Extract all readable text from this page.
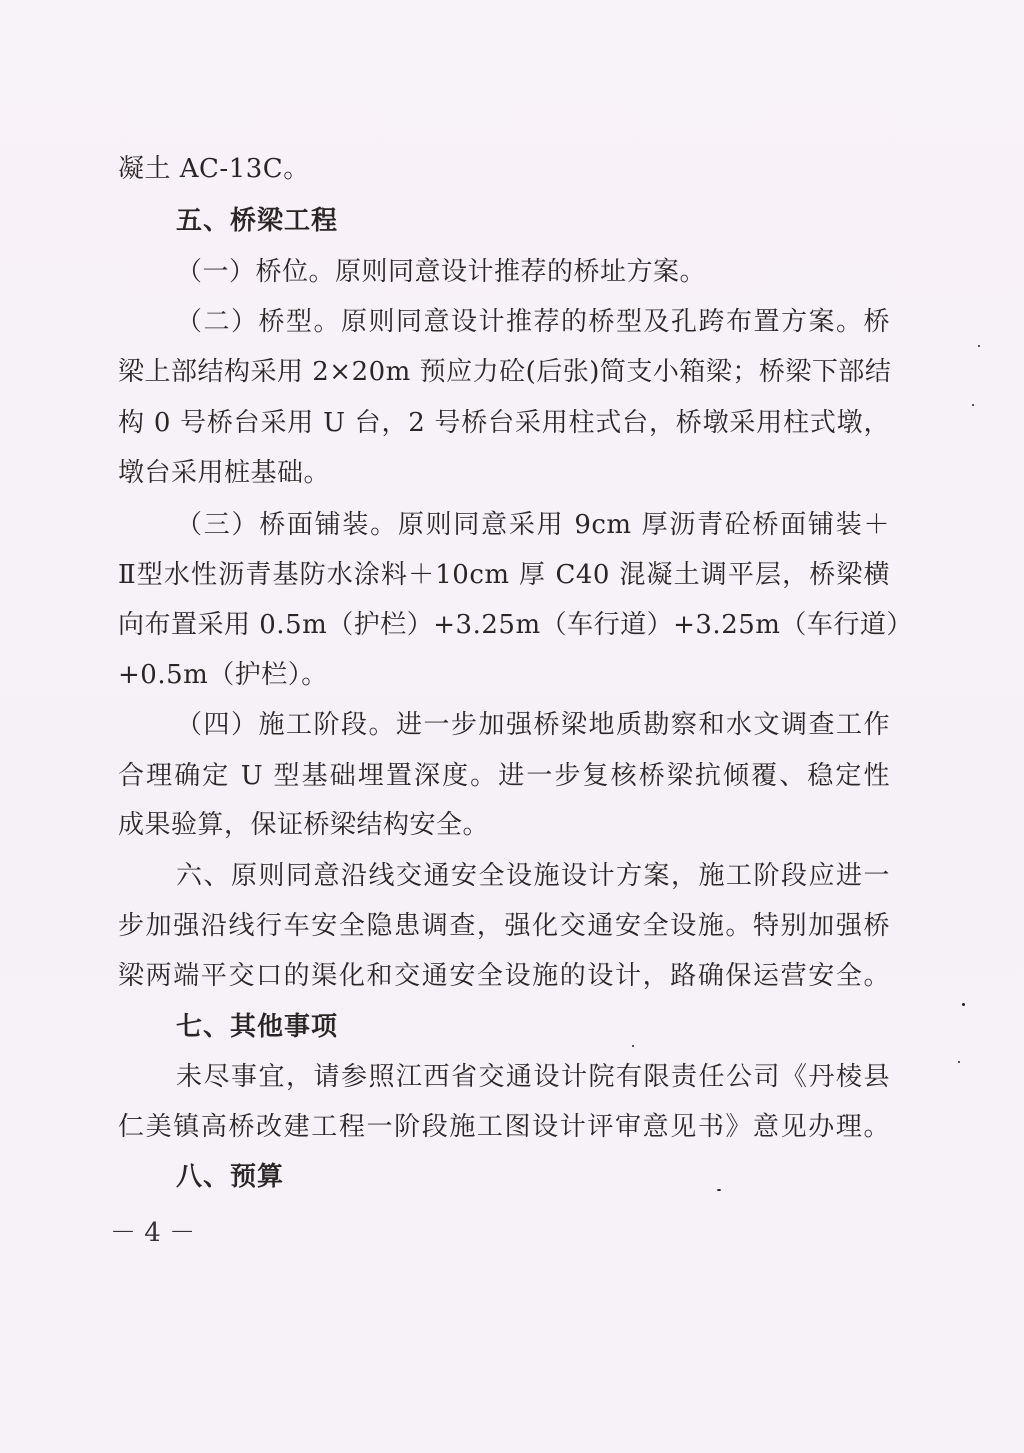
凝土 AC-13C。
五、桥梁工程
（一）桥位。原则同意设计推荐的桥址方案。
（二）桥型。原则同意设计推荐的桥型及孔跨布置方案。桥
梁上部结构采用 2×20m 预应力砼(后张)简支小箱梁；桥梁下部结
构 0 号桥台采用 U 台，2 号桥台采用柱式台，桥墩采用柱式墩，
墩台采用桩基础。
（三）桥面铺装。原则同意采用 9cm 厚沥青砼桥面铺装＋
Ⅱ型水性沥青基防水涂料＋10cm 厚 C40 混凝土调平层，桥梁横
向布置采用 0.5m（护栏）+3.25m（车行道）+3.25m（车行道）
+0.5m（护栏）。
（四）施工阶段。进一步加强桥梁地质勘察和水文调查工作
合理确定 U 型基础埋置深度。进一步复核桥梁抗倾覆、稳定性
成果验算，保证桥梁结构安全。
六、原则同意沿线交通安全设施设计方案，施工阶段应进一
步加强沿线行车安全隐患调查，强化交通安全设施。特别加强桥
梁两端平交口的渠化和交通安全设施的设计，路确保运营安全。
七、其他事项
未尽事宜，请参照江西省交通设计院有限责任公司《丹棱县
仁美镇高桥改建工程一阶段施工图设计评审意见书》意见办理。
八、预算
－ 4 －
